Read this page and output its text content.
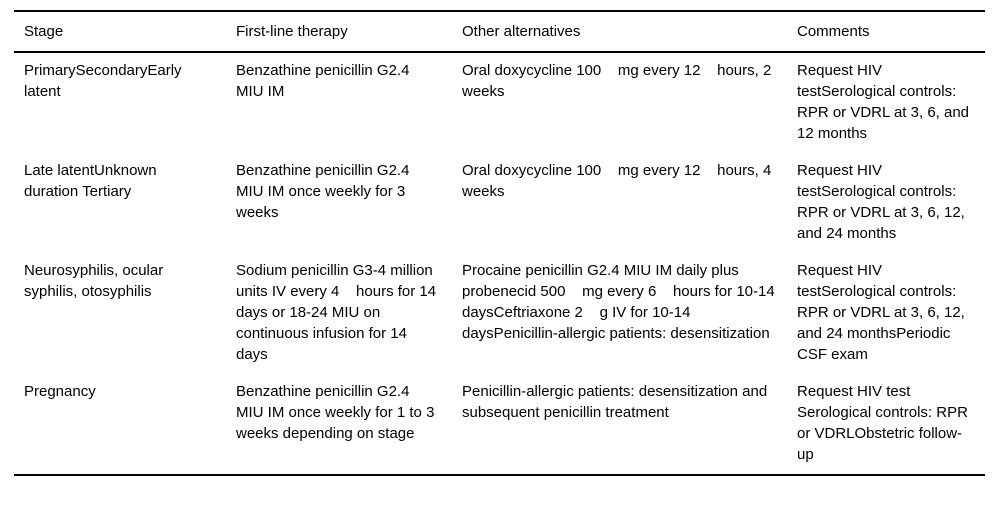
Stage	First-line therapy	Other alternatives	Comments
PrimarySecondaryEarly latent	Benzathine penicillin G2.4 MIU IM	Oral doxycycline 100    mg every 12    hours, 2 weeks	Request HIV testSerological controls: RPR or VDRL at 3, 6, and 12 months
Late latentUnknown duration Tertiary	Benzathine penicillin G2.4 MIU IM once weekly for 3 weeks	Oral doxycycline 100    mg every 12    hours, 4 weeks	Request HIV testSerological controls: RPR or VDRL at 3, 6, 12, and 24 months
Neurosyphilis, ocular syphilis, otosyphilis	Sodium penicillin G3-4 million units IV every 4    hours for 14 days or 18-24 MIU on continuous infusion for 14 days	Procaine penicillin G2.4 MIU IM daily plus probenecid 500    mg every 6    hours for 10-14 daysCeftriaxone 2    g IV for 10-14 daysPenicillin-allergic patients: desensitization	Request HIV testSerological controls: RPR or VDRL at 3, 6, 12, and 24 monthsPeriodic CSF exam
Pregnancy	Benzathine penicillin G2.4 MIU IM once weekly for 1 to 3 weeks depending on stage	Penicillin-allergic patients: desensitization and subsequent penicillin treatment	Request HIV test Serological controls: RPR or VDRLObstetric follow-up
